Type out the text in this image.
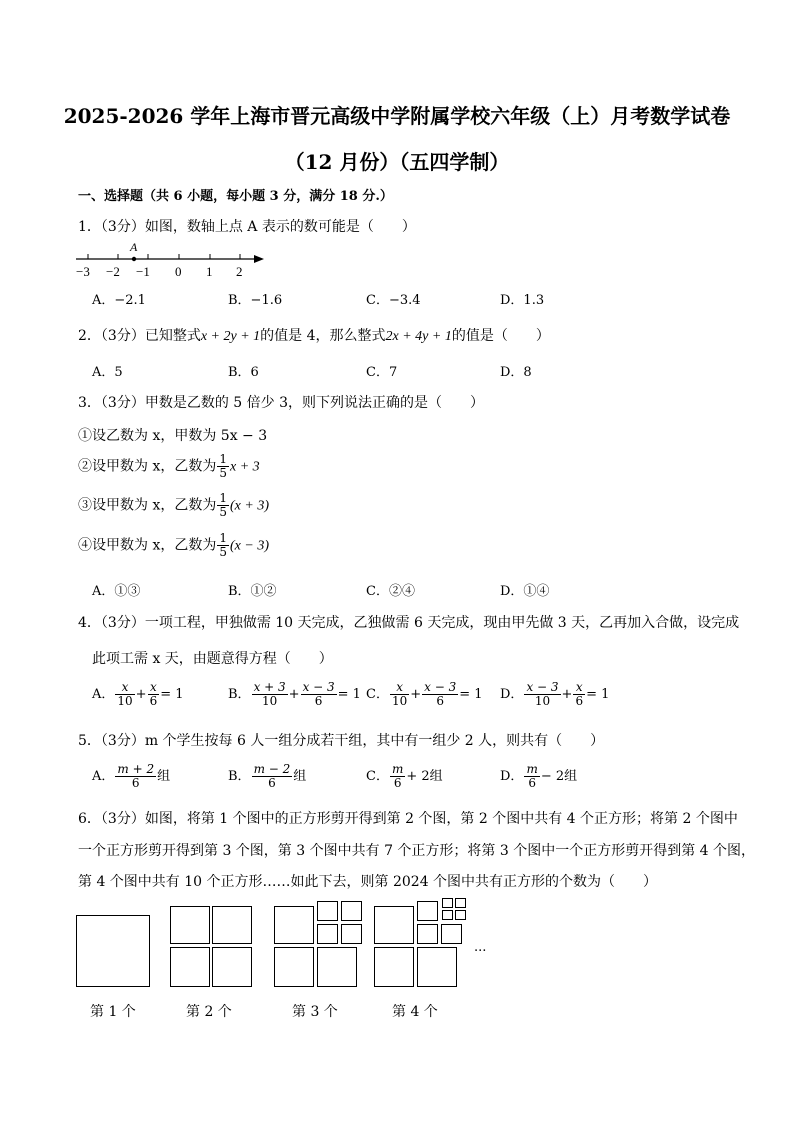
2025-2026 学年上海市晋元高级中学附属学校六年级（上）月考数学试卷
（12 月份）（五四学制）
一、选择题（共 6 小题，每小题 3 分，满分 18 分.）
1．（3分）如图，数轴上点 A 表示的数可能是（　　）
A
−3 −2 −1 0 1 2
A．−2.1	B．−1.6	C．−3.4	D．1.3
2．（3分）已知整式x + 2y + 1的值是 4，那么整式2x + 4y + 1的值是（　　）
A．5	B．6	C．7	D．8
3．（3分）甲数是乙数的 5 倍少 3，则下列说法正确的是（　　）
①设乙数为 x，甲数为 5x − 3
②设甲数为 x，乙数为 $\frac{1}{5}$ x + 3
③设甲数为 x，乙数为 $\frac{1}{5} (x + 3)$
④设甲数为 x，乙数为 $\frac{1}{5} (x - 3)$
A．①③	B．①②	C．②④	D．①④
4．（3分）一项工程，甲独做需 10 天完成，乙独做需 6 天完成，现由甲先做 3 天，乙再加入合做，设完成
此项工需 x 天，由题意得方程（　　）
A． $\frac{x}{10} + \frac{x}{6} = 1$	B． $\frac{x + 3}{10} + \frac{x - 3}{6} = 1$ C． $\frac{x}{10} + \frac{x - 3}{6} = 1$ D． $\frac{x - 3}{10} + \frac{x}{6} = 1$
5．（3分）m 个学生按每 6 人一组分成若干组，其中有一组少 2 人，则共有（　　）
A． $\frac{m + 2}{6}$ 组	B． $\frac{m - 2}{6}$ 组	C． $\frac{m}{6} + 2$组	D． $\frac{m}{6} - 2$组
6．（3分）如图，将第 1 个图中的正方形剪开得到第 2 个图，第 2 个图中共有 4 个正方形；将第 2 个图中
一个正方形剪开得到第 3 个图，第 3 个图中共有 7 个正方形；将第 3 个图中一个正方形剪开得到第 4 个图，
第 4 个图中共有 10 个正方形……如此下去，则第 2024 个图中共有正方形的个数为（　　）
...
第 1 个	第 2 个	第 3 个	第 4 个
